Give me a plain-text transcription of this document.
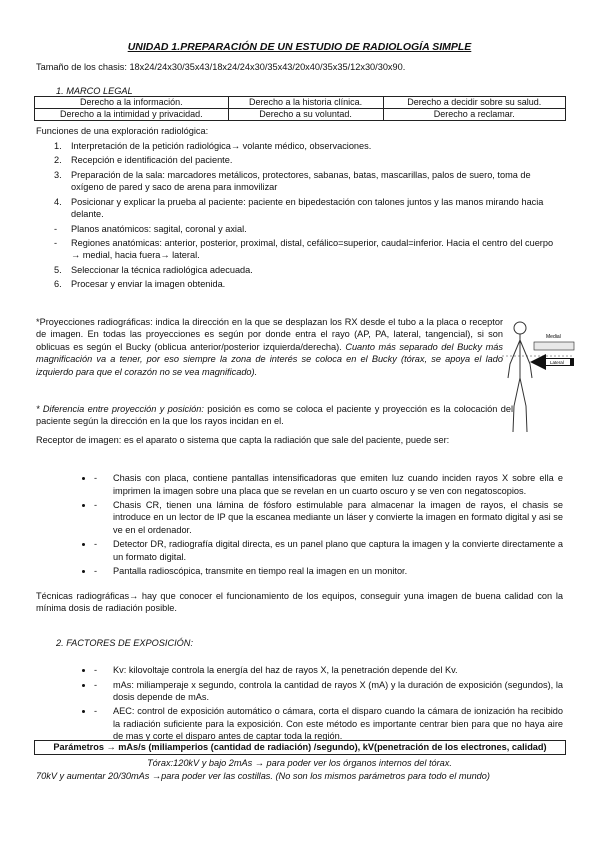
UNIDAD 1.PREPARACIÓN DE UN ESTUDIO DE RADIOLOGÍA SIMPLE
Tamaño de los chasis: 18x24/24x30/35x43/18x24/24x30/35x43/20x40/35x35/12x30/30x90.
1. MARCO LEGAL
Derecho a la información.	Derecho a la historia clínica.	Derecho a decidir sobre su salud.
Derecho a la intimidad y privacidad.	Derecho a su voluntad.	Derecho a reclamar.
Funciones de una exploración radiológica:
1. Interpretación de la petición radiológica→ volante médico, observaciones.
2. Recepción e identificación del paciente.
3. Preparación de la sala: marcadores metálicos, protectores, sabanas, batas, mascarillas, palos de suero, toma de oxígeno de pared y saco de arena para inmovilizar
4. Posicionar y explicar la prueba al paciente: paciente en bipedestación con talones juntos y las manos mirando hacia delante.
- Planos anatómicos: sagital, coronal y axial.
- Regiones anatómicas: anterior, posterior, proximal, distal, cefálico=superior, caudal=inferior. Hacia el centro del cuerpo → medial, hacia fuera→ lateral.
5. Seleccionar la técnica radiológica adecuada.
6. Procesar y enviar la imagen obtenida.
*Proyecciones radiográficas: indica la dirección en la que se desplazan los RX desde el tubo a la placa o receptor de imagen. En todas las proyecciones es según por donde entra el rayo (AP, PA, lateral, tangencial), si son oblicuas es según el Bucky (oblicua anterior/posterior izquierda/derecha). Cuanto más separado del Bucky más magnificación va a tener, por eso siempre la zona de interés se coloca en el Bucky (tórax, se apoya el lado izquierdo para que el corazón no se vea magnificado).
Medial
Lateral
* Diferencia entre proyección y posición: posición es como se coloca el paciente y proyección es la colocación del paciente según la dirección en la que los rayos incidan en el.
Receptor de imagen: es el aparato o sistema que capta la radiación que sale del paciente, puede ser:
• - Chasis con placa, contiene pantallas intensificadoras que emiten luz cuando inciden rayos X sobre ella e imprimen la imagen sobre una placa que se revelan en un cuarto oscuro y se ven con negatoscopios.
• - Chasis CR, tienen una lámina de fósforo estimulable para almacenar la imagen de rayos, el chasis se introduce en un lector de IP que la escanea mediante un láser y convierte la imagen en formato digital y asi se ve en el ordenador.
• - Detector DR, radiografía digital directa, es un panel plano que captura la imagen y la convierte directamente a un formato digital.
• - Pantalla radioscópica, transmite en tiempo real la imagen en un monitor.
Técnicas radiográficas→ hay que conocer el funcionamiento de los equipos, conseguir yuna imagen de buena calidad con la mínima dosis de radiación posible.
2. FACTORES DE EXPOSICIÓN:
• - Kv: kilovoltaje controla la energía del haz de rayos X, la penetración depende del Kv.
• - mAs: miliamperaje x segundo, controla la cantidad de rayos X (mA) y la duración de exposición (segundos), la dosis depende de mAs.
• - AEC: control de exposición automático o cámara, corta el disparo cuando la cámara de ionización ha recibido la radiación suficiente para la exposición. Con este método es importante centrar bien para que no haya aire de mas y corte el disparo antes de captar toda la región.
Parámetros → mAs/s (miliamperios (cantidad de radiación) /segundo), kV(penetración de los electrones, calidad)
Tórax:120kV y bajo 2mAs → para poder ver los órganos internos del tórax.
70kV y aumentar 20/30mAs →para poder ver las costillas. (No son los mismos parámetros para todo el mundo)
